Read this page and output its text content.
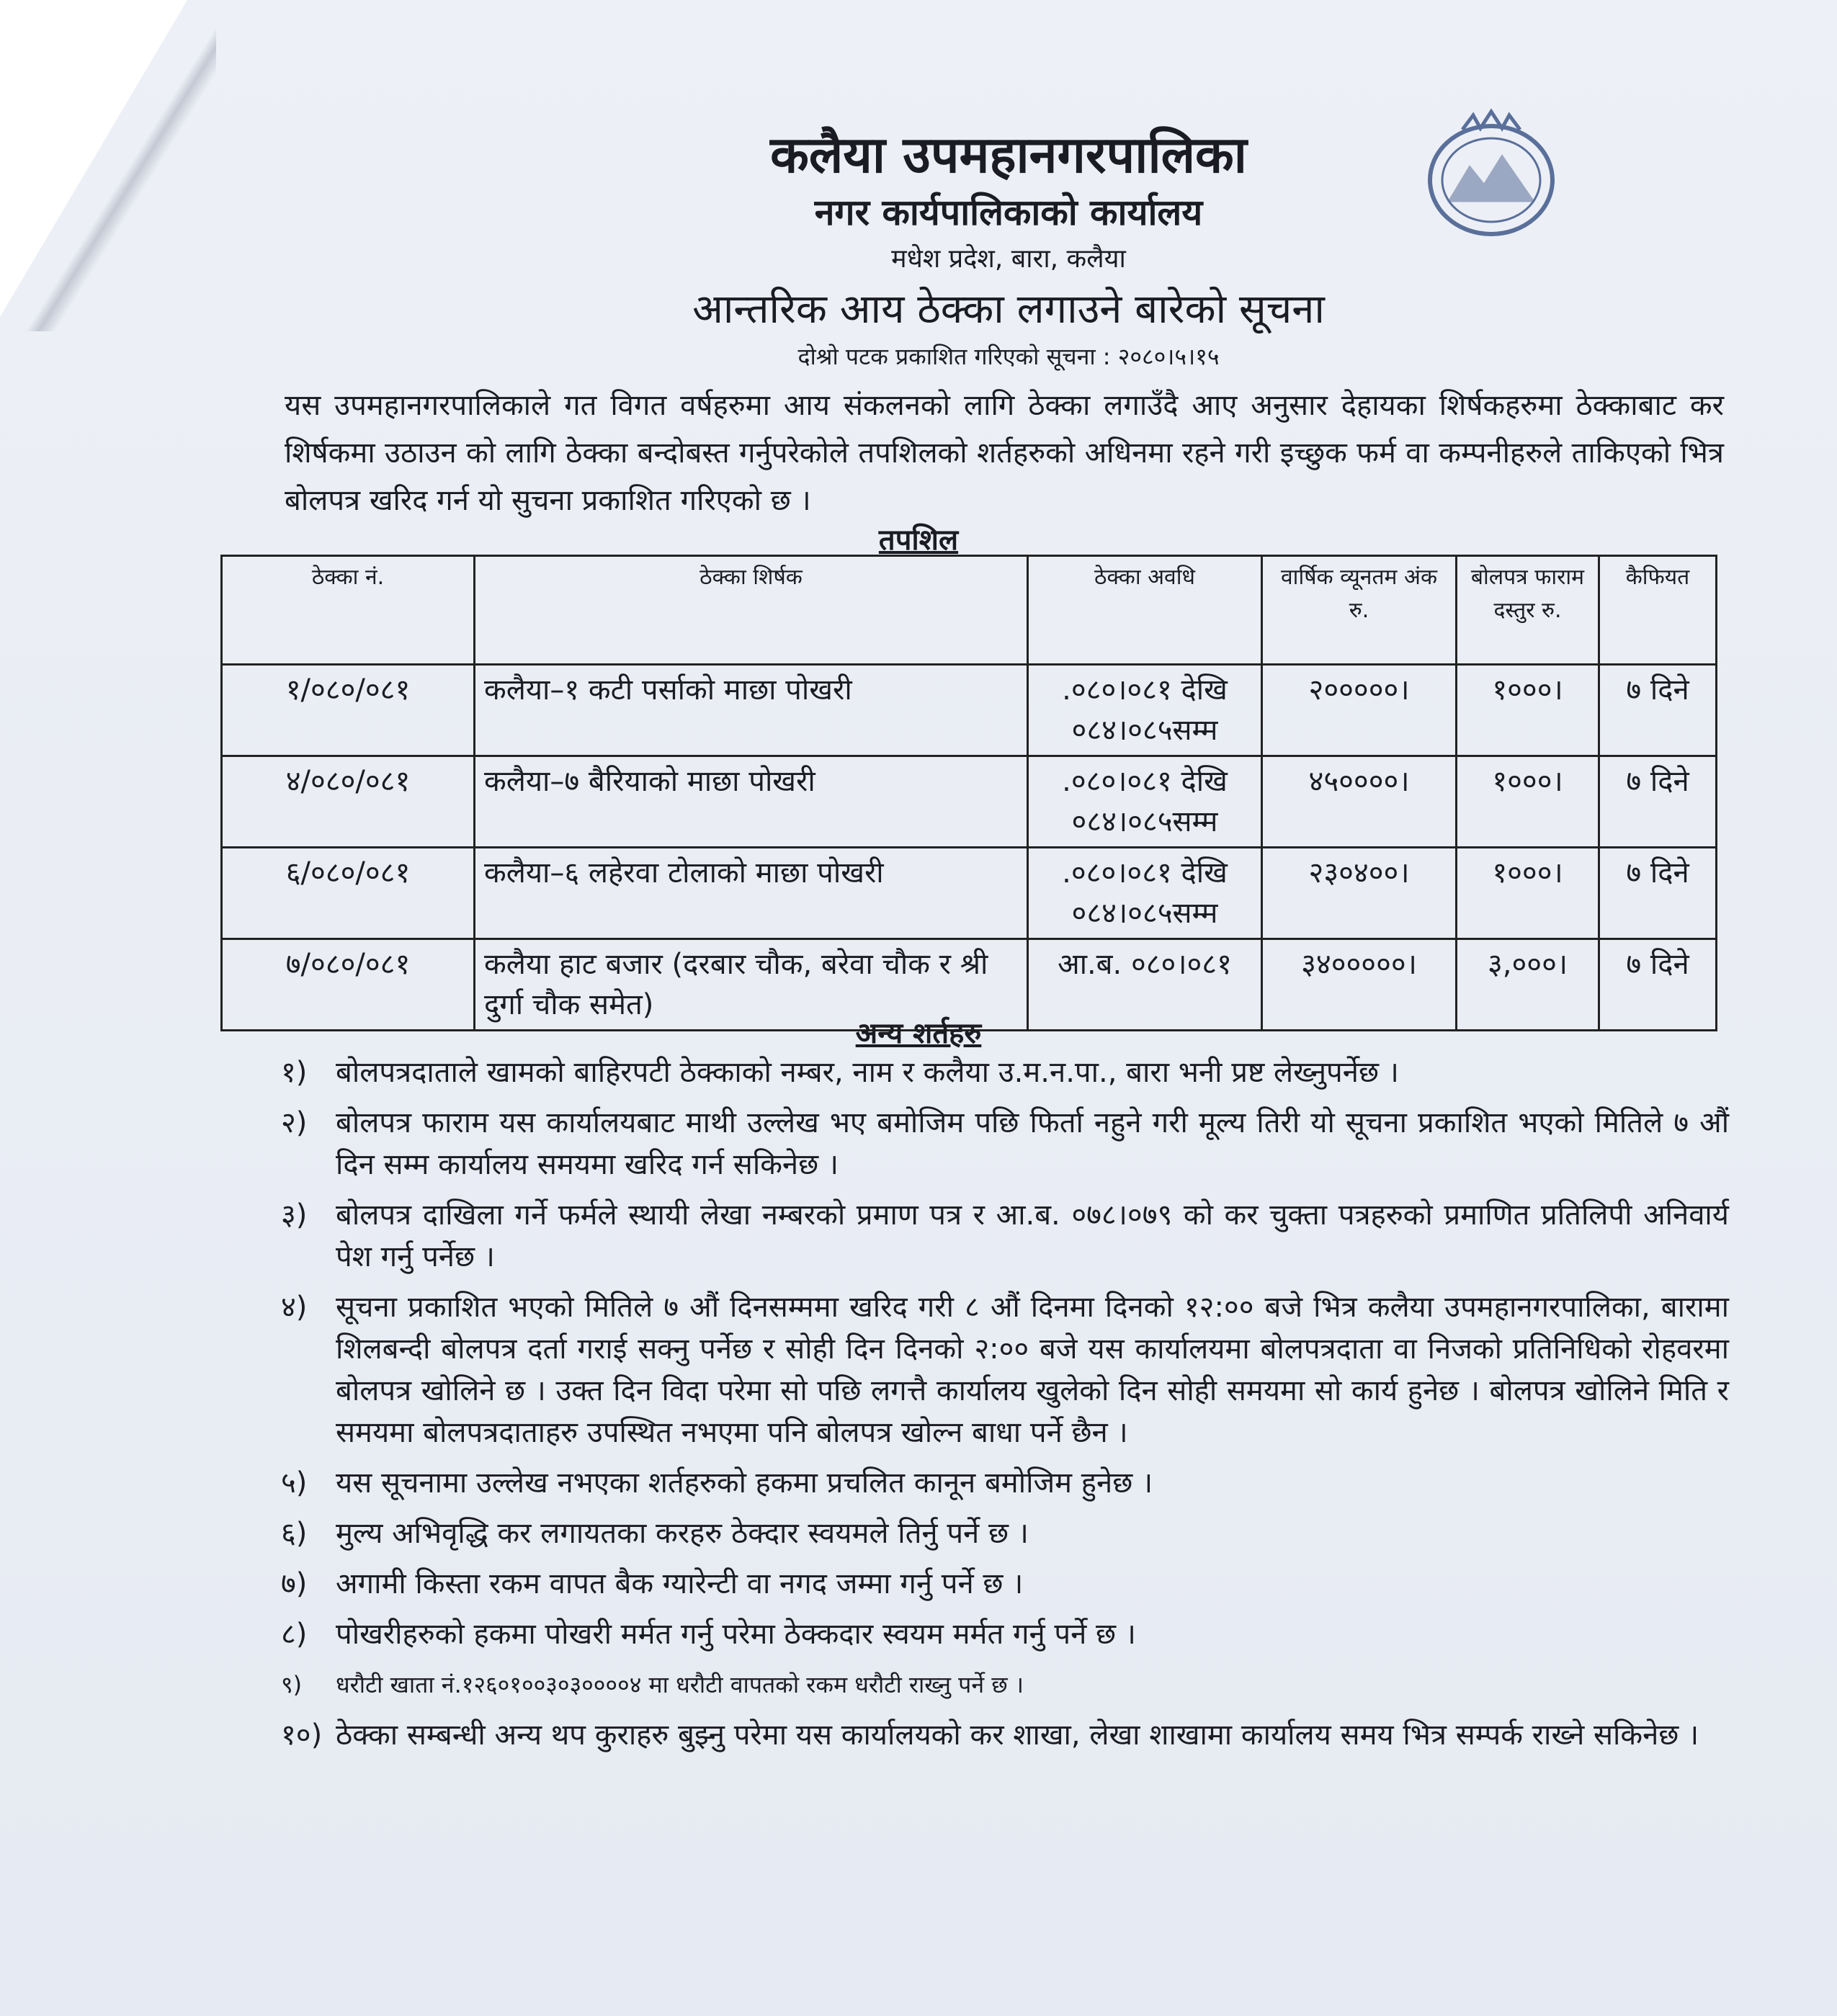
कलैया उपमहानगरपालिका
नगर कार्यपालिकाको कार्यालय
मधेश प्रदेश, बारा, कलैया
आन्तरिक आय ठेक्का लगाउने बारेको सूचना
दोश्रो पटक प्रकाशित गरिएको सूचना : २०८०।५।१५
यस उपमहानगरपालिकाले गत विगत वर्षहरुमा आय संकलनको लागि ठेक्का लगाउँदै आए अनुसार देहायका शिर्षकहरुमा ठेक्काबाट कर शिर्षकमा उठाउन को लागि ठेक्का बन्दोबस्त गर्नुपरेकोले तपशिलको शर्तहरुको अधिनमा रहने गरी इच्छुक फर्म वा कम्पनीहरुले ताकिएको भित्र बोलपत्र खरिद गर्न यो सुचना प्रकाशित गरिएको छ ।
तपशिल
ठेक्का नं.	ठेक्का शिर्षक	ठेक्का अवधि	वार्षिक व्यूनतम अंक रु.	बोलपत्र फाराम दस्तुर रु.	कैफियत
१/०८०/०८१	कलैया–१ कटी पर्साको माछा पोखरी	.०८०।०८१ देखि ०८४।०८५सम्म	२०००००।	१०००।	७ दिने
४/०८०/०८१	कलैया–७ बैरियाको माछा पोखरी	.०८०।०८१ देखि ०८४।०८५सम्म	४५००००।	१०००।	७ दिने
६/०८०/०८१	कलैया–६ लहेरवा टोलाको माछा पोखरी	.०८०।०८१ देखि ०८४।०८५सम्म	२३०४००।	१०००।	७ दिने
७/०८०/०८१	कलैया हाट बजार (दरबार चौक, बरेवा चौक र श्री दुर्गा चौक समेत)	आ.ब. ०८०।०८१	३४०००००।	३,०००।	७ दिने
अन्य शर्तहरु
१) बोलपत्रदाताले खामको बाहिरपटी ठेक्काको नम्बर, नाम र कलैया उ.म.न.पा., बारा भनी प्रष्ट लेख्नुपर्नेछ ।
२) बोलपत्र फाराम यस कार्यालयबाट माथी उल्लेख भए बमोजिम पछि फिर्ता नहुने गरी मूल्य तिरी यो सूचना प्रकाशित भएको मितिले ७ औं दिन सम्म कार्यालय समयमा खरिद गर्न सकिनेछ ।
३) बोलपत्र दाखिला गर्ने फर्मले स्थायी लेखा नम्बरको प्रमाण पत्र र आ.ब. ०७८।०७९ को कर चुक्ता पत्रहरुको प्रमाणित प्रतिलिपी अनिवार्य पेश गर्नु पर्नेछ ।
४) सूचना प्रकाशित भएको मितिले ७ औं दिनसम्ममा खरिद गरी ८ औं दिनमा दिनको १२:०० बजे भित्र कलैया उपमहानगरपालिका, बारामा शिलबन्दी बोलपत्र दर्ता गराई सक्नु पर्नेछ र सोही दिन दिनको २:०० बजे यस कार्यालयमा बोलपत्रदाता वा निजको प्रतिनिधिको रोहवरमा बोलपत्र खोलिने छ । उक्त दिन विदा परेमा सो पछि लगत्तै कार्यालय खुलेको दिन सोही समयमा सो कार्य हुनेछ । बोलपत्र खोलिने मिति र समयमा बोलपत्रदाताहरु उपस्थित नभएमा पनि बोलपत्र खोल्न बाधा पर्ने छैन ।
५) यस सूचनामा उल्लेख नभएका शर्तहरुको हकमा प्रचलित कानून बमोजिम हुनेछ ।
६) मुल्य अभिवृद्धि कर लगायतका करहरु ठेक्दार स्वयमले तिर्नु पर्ने छ ।
७) अगामी किस्ता रकम वापत बैक ग्यारेन्टी वा नगद जम्मा गर्नु पर्ने छ ।
८) पोखरीहरुको हकमा पोखरी मर्मत गर्नु परेमा ठेक्कदार स्वयम मर्मत गर्नु पर्ने छ ।
९) धरौटी खाता नं.१२६०१००३०३००००४ मा धरौटी वापतको रकम धरौटी राख्नु पर्ने छ ।
१०) ठेक्का सम्बन्धी अन्य थप कुराहरु बुझ्नु परेमा यस कार्यालयको कर शाखा, लेखा शाखामा कार्यालय समय भित्र सम्पर्क राख्ने सकिनेछ ।
